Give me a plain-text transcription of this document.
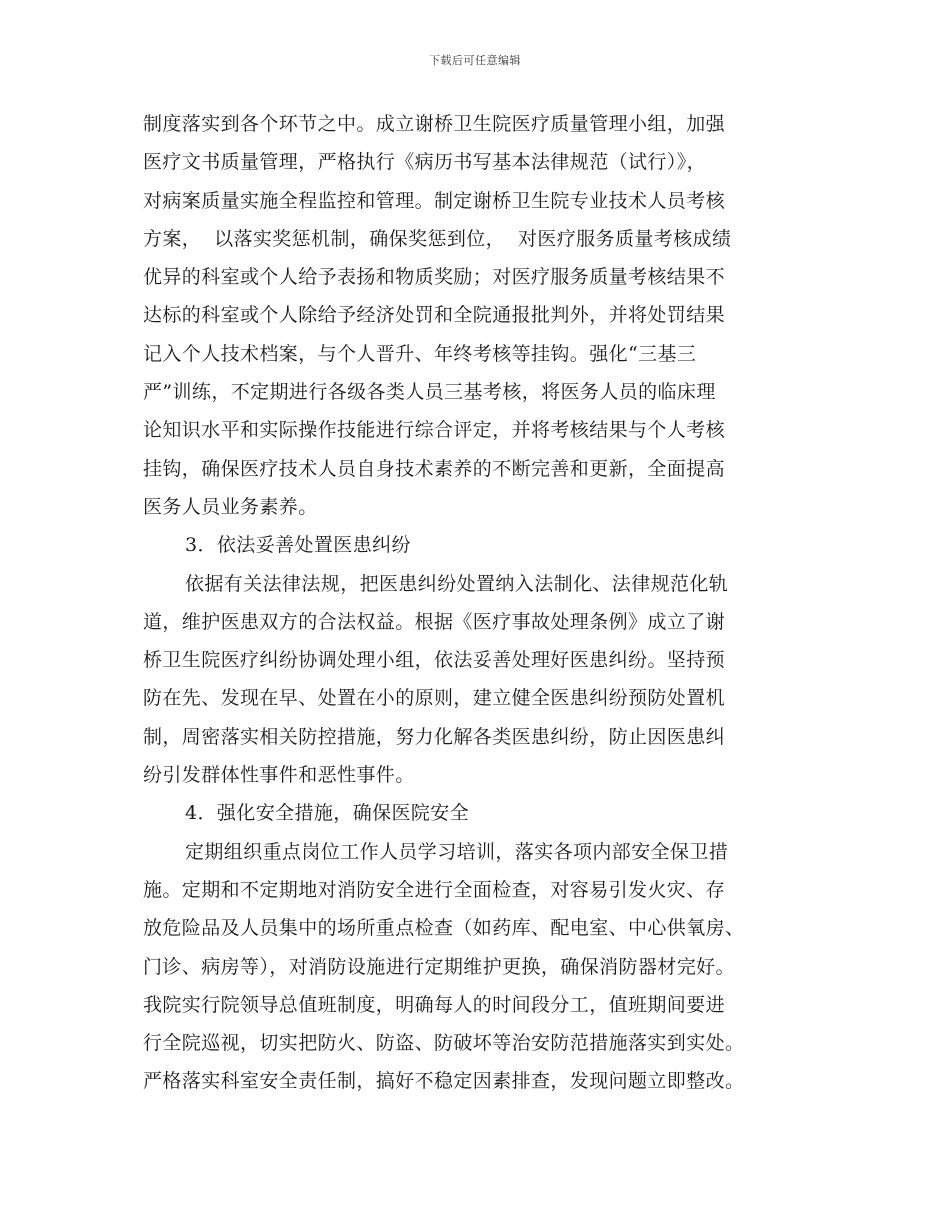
下载后可任意编辑
制度落实到各个环节之中。成立谢桥卫生院医疗质量管理小组，加强
医疗文书质量管理，严格执行《病历书写基本法律规范（试行）》，
对病案质量实施全程监控和管理。制定谢桥卫生院专业技术人员考核
方案，  以落实奖惩机制，确保奖惩到位，  对医疗服务质量考核成绩
优异的科室或个人给予表扬和物质奖励；对医疗服务质量考核结果不
达标的科室或个人除给予经济处罚和全院通报批判外，并将处罚结果
记入个人技术档案，与个人晋升、年终考核等挂钩。强化“三基三
严”训练，不定期进行各级各类人员三基考核，将医务人员的临床理
论知识水平和实际操作技能进行综合评定，并将考核结果与个人考核
挂钩，确保医疗技术人员自身技术素养的不断完善和更新，全面提高
医务人员业务素养。
3．依法妥善处置医患纠纷
依据有关法律法规，把医患纠纷处置纳入法制化、法律规范化轨
道，维护医患双方的合法权益。根据《医疗事故处理条例》成立了谢
桥卫生院医疗纠纷协调处理小组，依法妥善处理好医患纠纷。坚持预
防在先、发现在早、处置在小的原则，建立健全医患纠纷预防处置机
制，周密落实相关防控措施，努力化解各类医患纠纷，防止因医患纠
纷引发群体性事件和恶性事件。
4．强化安全措施，确保医院安全
定期组织重点岗位工作人员学习培训，落实各项内部安全保卫措
施。定期和不定期地对消防安全进行全面检查，对容易引发火灾、存
放危险品及人员集中的场所重点检查（如药库、配电室、中心供氧房、
门诊、病房等），对消防设施进行定期维护更换，确保消防器材完好。
我院实行院领导总值班制度，明确每人的时间段分工，值班期间要进
行全院巡视，切实把防火、防盗、防破坏等治安防范措施落实到实处。
严格落实科室安全责任制，搞好不稳定因素排查，发现问题立即整改。
